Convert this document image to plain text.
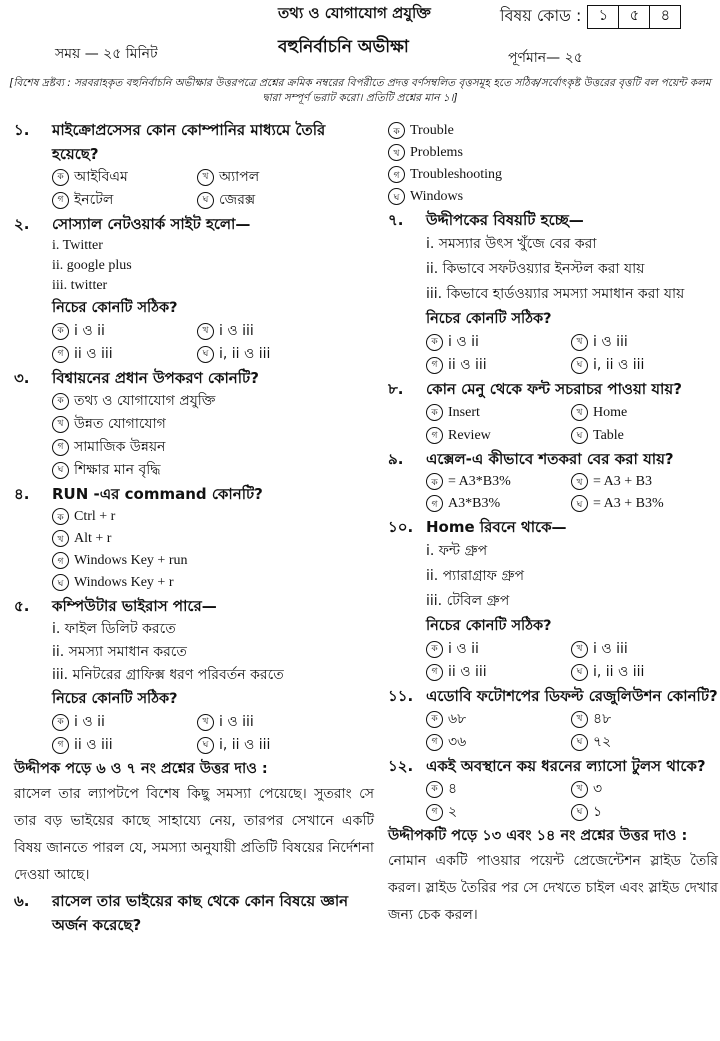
তথ্য ও যোগাযোগ প্রযুক্তি	বিষয় কোড :	১	৫	৪
সময় — ২৫ মিনিট	বহুনির্বাচনি অভীক্ষা
পূর্ণমান— ২৫
[বিশেষ দ্রষ্টব্য : সরবরাহকৃত বহুনির্বাচনি অভীক্ষার উত্তরপত্রে প্রশ্নের ক্রমিক নম্বরের বিপরীতে প্রদত্ত বর্ণসম্বলিত বৃত্তসমূহ হতে সঠিক/সর্বোৎকৃষ্ট উত্তরের বৃত্তটি বল পয়েন্ট কলম দ্বারা সম্পূর্ণ ভরাট করো। প্রতিটি প্রশ্নের মান ১।]
১.	মাইক্রোপ্রসেসর কোন কোম্পানির মাধ্যমে তৈরি হয়েছে?
ক আইবিএম	খ অ্যাপল
গ ইনটেল	ঘ জেরক্স
২.	সোস্যাল নেটওয়ার্ক সাইট হলো—
i. Twitter
ii. google plus
iii. twitter
নিচের কোনটি সঠিক?
ক i ও ii	খ i ও iii
গ ii ও iii	ঘ i, ii ও iii
৩.	বিশ্বায়নের প্রধান উপকরণ কোনটি?
ক তথ্য ও যোগাযোগ প্রযুক্তি
খ উন্নত যোগাযোগ
গ সামাজিক উন্নয়ন
ঘ শিক্ষার মান বৃদ্ধি
৪.	RUN -এর command কোনটি?
ক Ctrl + r
খ Alt + r
গ Windows Key + run
ঘ Windows Key + r
৫.	কম্পিউটার ভাইরাস পারে—
i. ফাইল ডিলিট করতে
ii. সমস্যা সমাধান করতে
iii. মনিটরের গ্রাফিক্স ধরণ পরিবর্তন করতে
নিচের কোনটি সঠিক?
ক i ও ii	খ i ও iii
গ ii ও iii	ঘ i, ii ও iii
উদ্দীপক পড়ে ৬ ও ৭ নং প্রশ্নের উত্তর দাও :
রাসেল তার ল্যাপটপে বিশেষ কিছু সমস্যা পেয়েছে। সুতরাং সে তার বড় ভাইয়ের কাছে সাহায্যে নেয়, তারপর সেখানে একটি বিষয় জানতে পারল যে, সমস্যা অনুযায়ী প্রতিটি বিষয়ের নির্দেশনা দেওয়া আছে।
৬.	রাসেল তার ভাইয়ের কাছ থেকে কোন বিষয়ে জ্ঞান অর্জন করেছে?
ক Trouble
খ Problems
গ Troubleshooting
ঘ Windows
৭.	উদ্দীপকের বিষয়টি হচ্ছে—
i. সমস্যার উৎস খুঁজে বের করা
ii. কিভাবে সফটওয়্যার ইনস্টল করা যায়
iii. কিভাবে হার্ডওয়্যার সমস্যা সমাধান করা যায়
নিচের কোনটি সঠিক?
ক i ও ii	খ i ও iii
গ ii ও iii	ঘ i, ii ও iii
৮.	কোন মেনু থেকে ফন্ট সচরাচর পাওয়া যায়?
ক Insert	খ Home
গ Review	ঘ Table
৯.	এক্সেল-এ কীভাবে শতকরা বের করা যায়?
ক = A3*B3%	খ = A3 + B3
গ A3*B3%	ঘ = A3 + B3%
১০. Home রিবনে থাকে—
i. ফন্ট গ্রুপ
ii. প্যারাগ্রাফ গ্রুপ
iii. টেবিল গ্রুপ
নিচের কোনটি সঠিক?
ক i ও ii	খ i ও iii
গ ii ও iii	ঘ i, ii ও iii
১১. এডোবি ফটোশপের ডিফল্ট রেজুলিউশন কোনটি?
ক ৬৮	খ ৪৮
গ ৩৬	ঘ ৭২
১২. একই অবস্থানে কয় ধরনের ল্যাসো টুলস থাকে?
ক ৪	খ ৩
গ ২	ঘ ১
উদ্দীপকটি পড়ে ১৩ এবং ১৪ নং প্রশ্নের উত্তর দাও :
নোমান একটি পাওয়ার পয়েন্ট প্রেজেন্টেশন স্লাইড তৈরি করল। স্লাইড তৈরির পর সে দেখতে চাইল এবং স্লাইড দেখার জন্য চেক করল।
